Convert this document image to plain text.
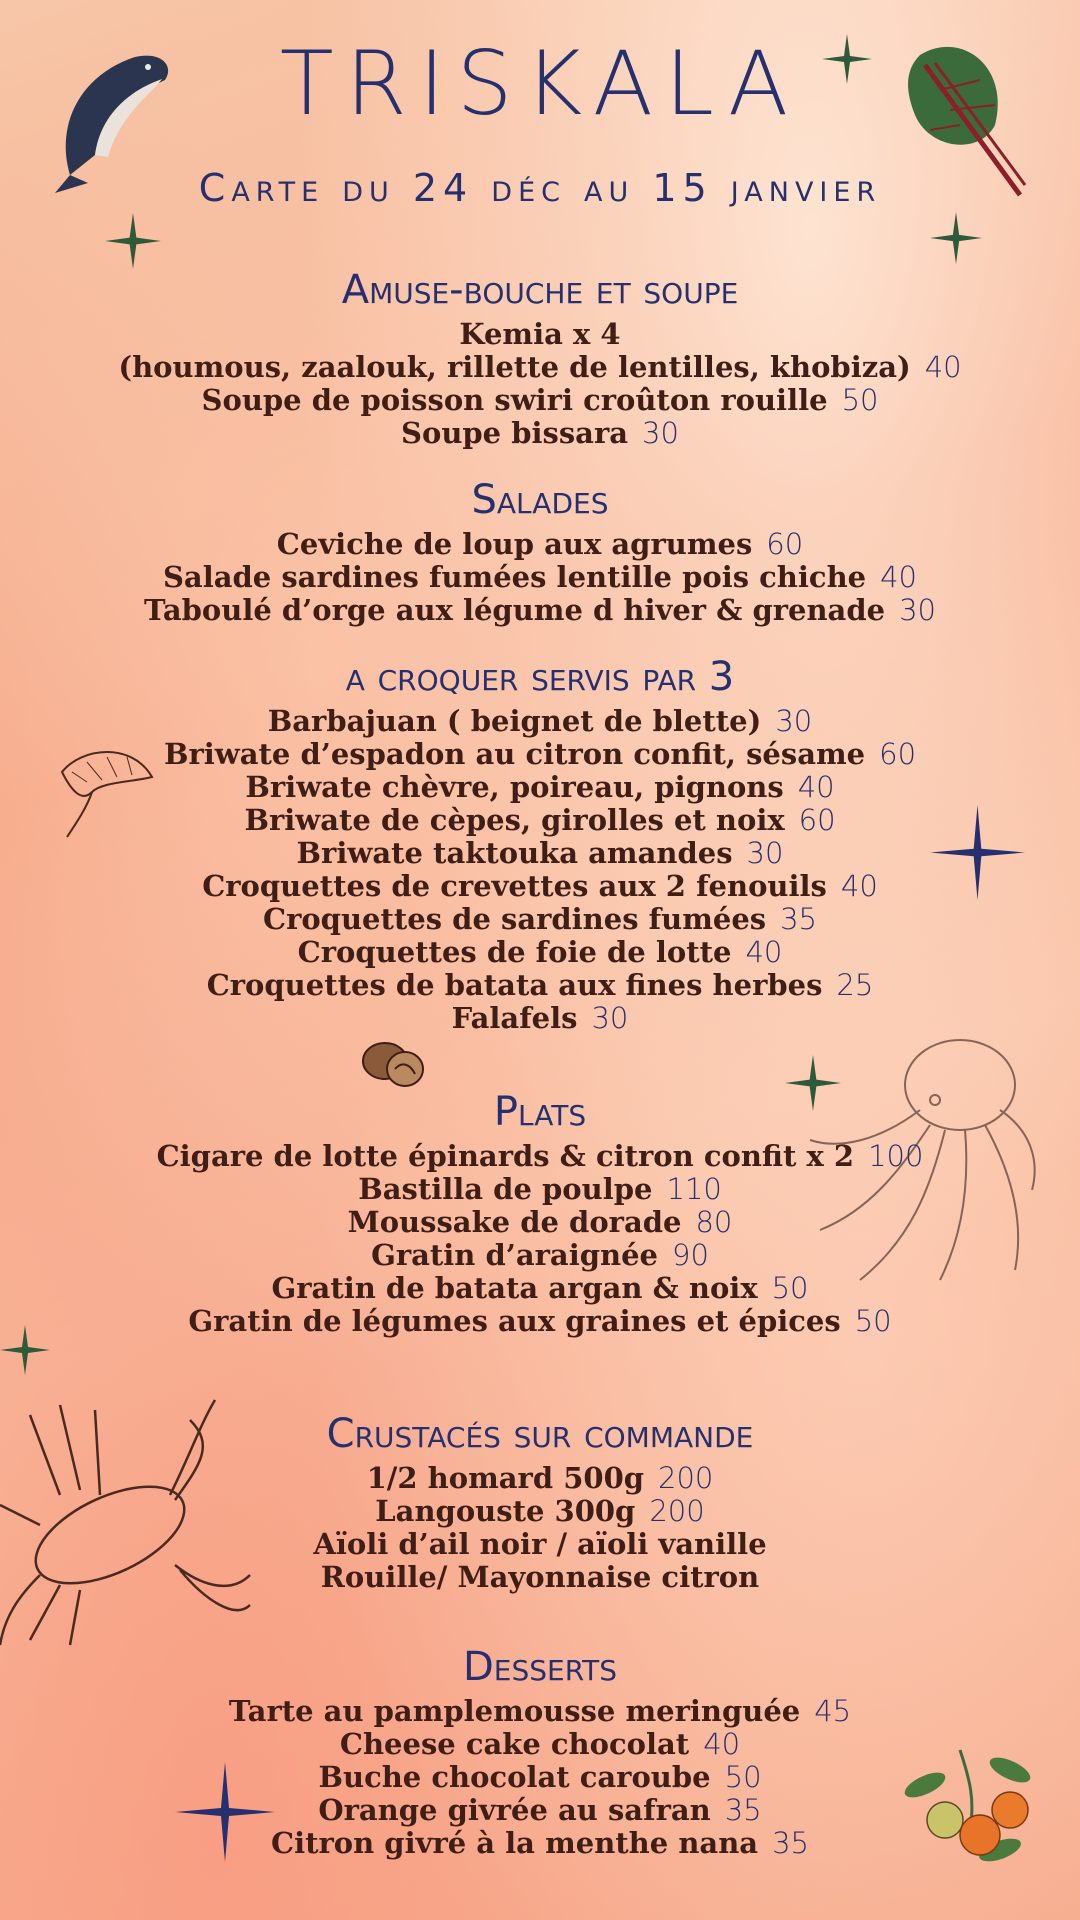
TRISKALA
Carte du 24 déc au 15 janvier
Amuse-bouche et soupe
Kemia x 4
(houmous, zaalouk, rillette de lentilles, khobiza) 40
Soupe de poisson swiri croûton rouille 50
Soupe bissara 30
Salades
Ceviche de loup aux agrumes 60
Salade sardines fumées lentille pois chiche 40
Taboulé d’orge aux légume d hiver & grenade 30
a croquer servis par 3
Barbajuan ( beignet de blette) 30
Briwate d’espadon au citron confit, sésame 60
Briwate chèvre, poireau, pignons 40
Briwate de cèpes, girolles et noix 60
Briwate taktouka amandes 30
Croquettes de crevettes aux 2 fenouils 40
Croquettes de sardines fumées 35
Croquettes de foie de lotte 40
Croquettes de batata aux fines herbes 25
Falafels 30
Plats
Cigare de lotte épinards & citron confit x 2 100
Bastilla de poulpe 110
Moussake de dorade 80
Gratin d’araignée 90
Gratin de batata argan & noix 50
Gratin de légumes aux graines et épices 50
Crustacés sur commande
1/2 homard 500g 200
Langouste 300g 200
Aïoli d’ail noir / aïoli vanille
Rouille/ Mayonnaise citron
Desserts
Tarte au pamplemousse meringuée 45
Cheese cake chocolat 40
Buche chocolat caroube 50
Orange givrée au safran 35
Citron givré à la menthe nana 35
